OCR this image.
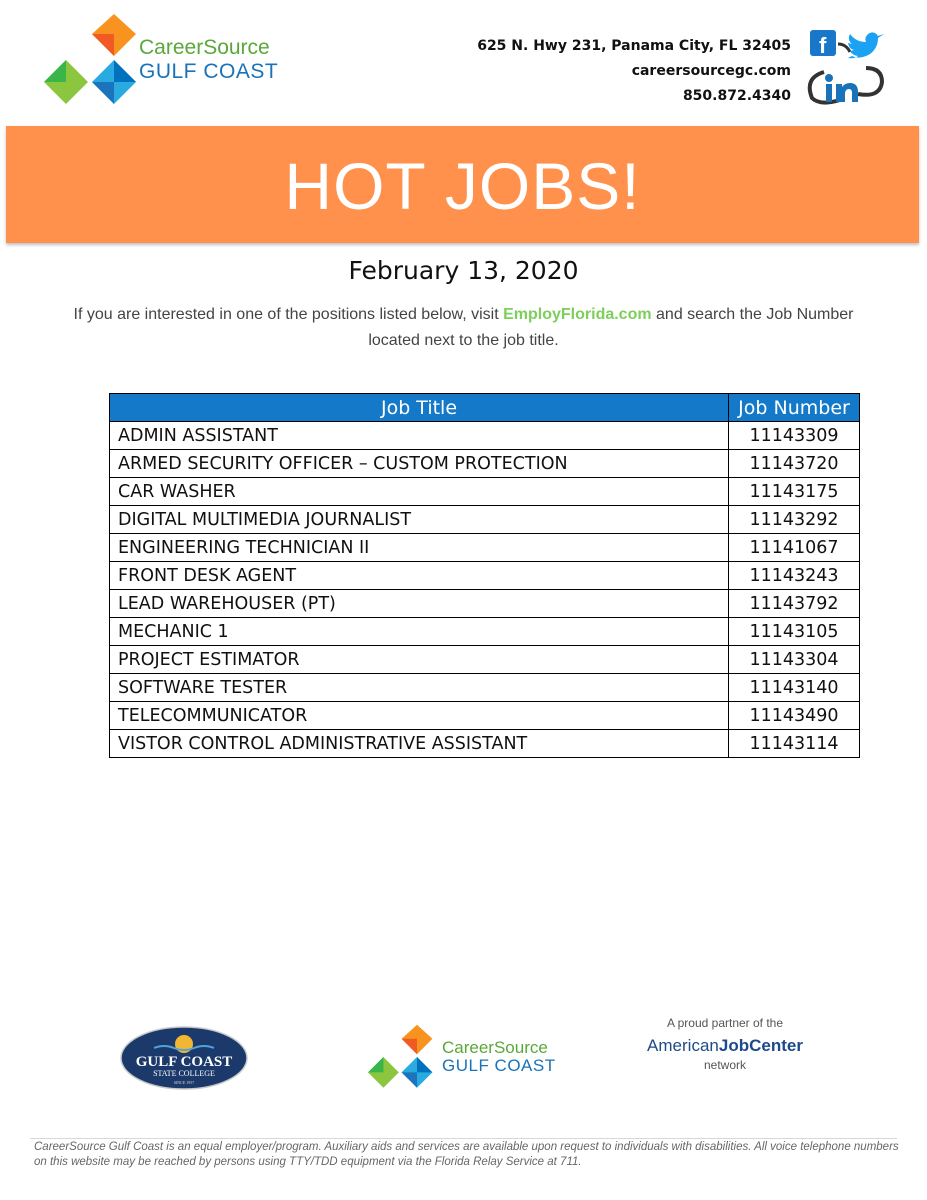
CareerSource
GULF COAST
625 N. Hwy 231, Panama City, FL 32405
careersourcegc.com
850.872.4340
f
HOT JOBS!
February 13, 2020
If you are interested in one of the positions listed below, visit EmployFlorida.com and search the Job Number located next to the job title.
Job Title	Job Number
ADMIN ASSISTANT	11143309
ARMED SECURITY OFFICER – CUSTOM PROTECTION	11143720
CAR WASHER	11143175
DIGITAL MULTIMEDIA JOURNALIST	11143292
ENGINEERING TECHNICIAN II	11141067
FRONT DESK AGENT	11143243
LEAD WAREHOUSER (PT)	11143792
MECHANIC 1	11143105
PROJECT ESTIMATOR	11143304
SOFTWARE TESTER	11143140
TELECOMMUNICATOR	11143490
VISTOR CONTROL ADMINISTRATIVE ASSISTANT	11143114
GULF COAST
STATE COLLEGE
SINCE 1957
CareerSource
GULF COAST
A proud partner of the
AmericanJobCenter
network
CareerSource Gulf Coast is an equal employer/program. Auxiliary aids and services are available upon request to individuals with disabilities. All voice telephone numbers on this website may be reached by persons using TTY/TDD equipment via the Florida Relay Service at 711.
